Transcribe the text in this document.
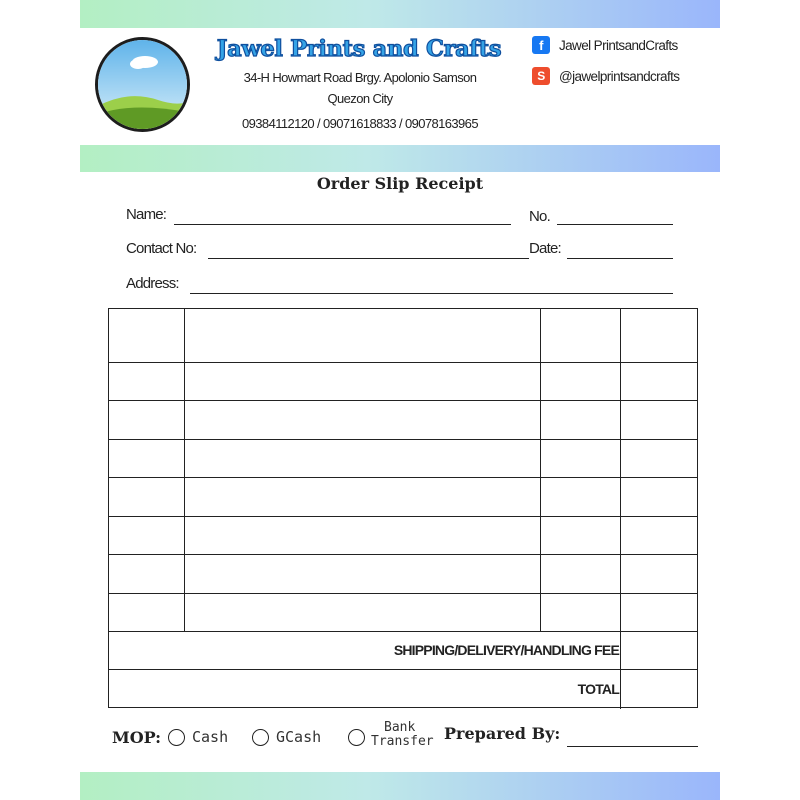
Jawel Prints and Crafts
34-H Howmart Road Brgy. Apolonio Samson
Quezon City
09384112120 / 09071618833 / 09078163965
f	Jawel PrintsandCrafts
S	@jawelprintsandcrafts
Order Slip Receipt
Name:	No.
Contact No:	Date:
Address:
SHIPPING/DELIVERY/HANDLING FEE
TOTAL
MOP: Cash	GCash
Bank
Transfer Prepared By:
